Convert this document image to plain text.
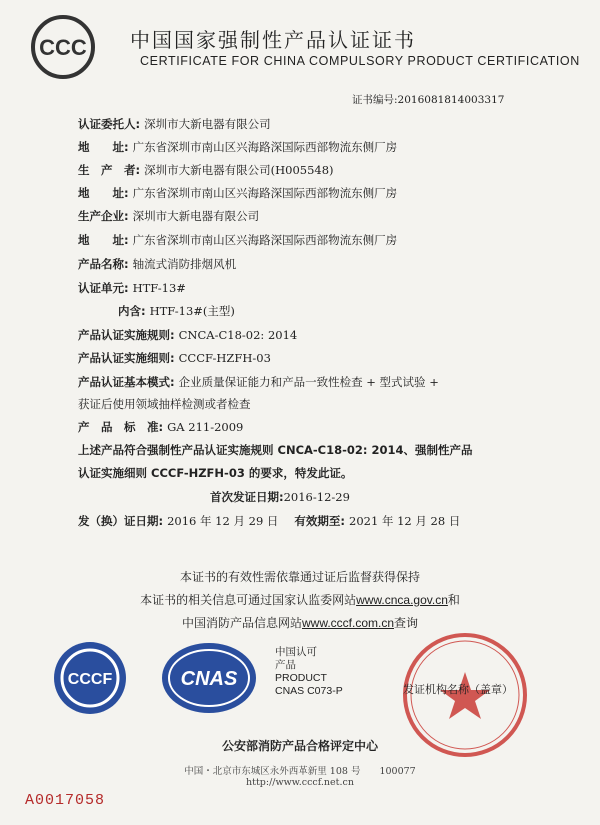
CCC 中国国家强制性产品认证证书
CERTIFICATE FOR CHINA COMPULSORY PRODUCT CERTIFICATION
证书编号:2016081814003317
认证委托人: 深圳市大新电器有限公司
地　　址: 广东省深圳市南山区兴海路深国际西部物流东侧厂房
生　产　者: 深圳市大新电器有限公司(H005548)
地　　址: 广东省深圳市南山区兴海路深国际西部物流东侧厂房
生产企业: 深圳市大新电器有限公司
地　　址: 广东省深圳市南山区兴海路深国际西部物流东侧厂房
产品名称: 轴流式消防排烟风机
认证单元: HTF-13#
内含: HTF-13#(主型)
产品认证实施规则: CNCA-C18-02: 2014
产品认证实施细则: CCCF-HZFH-03
产品认证基本模式: 企业质量保证能力和产品一致性检查 + 型式试验 +
获证后使用领域抽样检测或者检查
产　品　标　准: GA 211-2009
上述产品符合强制性产品认证实施规则 CNCA-C18-02: 2014、强制性产品
认证实施细则 CCCF-HZFH-03 的要求，特发此证。
首次发证日期:2016-12-29
发（换）证日期: 2016 年 12 月 29 日 有效期至: 2021 年 12 月 28 日
本证书的有效性需依靠通过证后监督获得保持
本证书的相关信息可通过国家认监委网站www.cnca.gov.cn和
中国消防产品信息网站www.cccf.com.cn查询
CCCF	CNAS
中国认可
产品
PRODUCT
CNAS C073-P	发证机构名称（盖章）
公安部消防产品合格评定中心
中国・北京市东城区永外西革新里 108 号　　100077
http://www.cccf.net.cn
A0017058
